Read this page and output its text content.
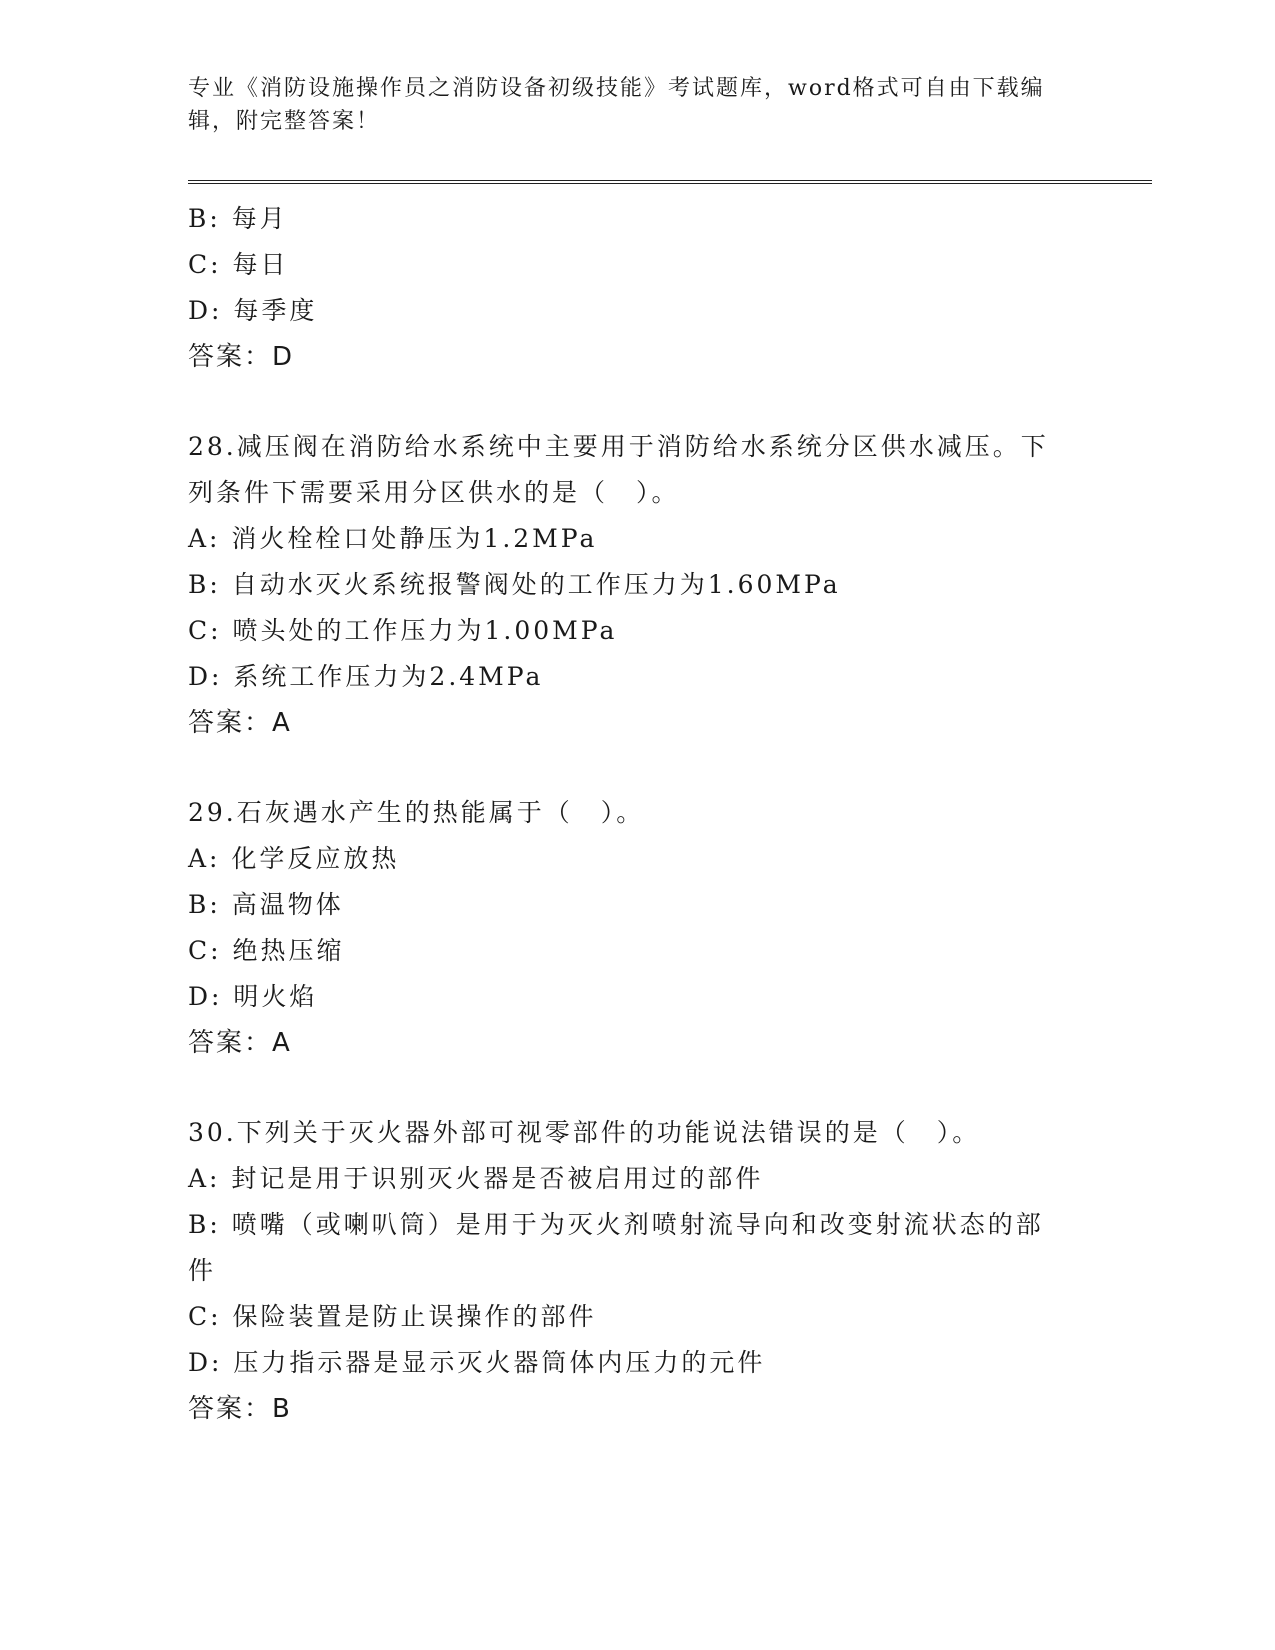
专业《消防设施操作员之消防设备初级技能》考试题库，word格式可自由下载编辑，附完整答案！

B: 每月
C: 每日
D: 每季度
答案：D
28.减压阀在消防给水系统中主要用于消防给水系统分区供水减压。下列条件下需要采用分区供水的是（　）。
A: 消火栓栓口处静压为1.2MPa
B: 自动水灭火系统报警阀处的工作压力为1.60MPa
C: 喷头处的工作压力为1.00MPa
D: 系统工作压力为2.4MPa
答案：A
29.石灰遇水产生的热能属于（　）。
A: 化学反应放热
B: 高温物体
C: 绝热压缩
D: 明火焰
答案：A
30.下列关于灭火器外部可视零部件的功能说法错误的是（　）。
A: 封记是用于识别灭火器是否被启用过的部件
B: 喷嘴（或喇叭筒）是用于为灭火剂喷射流导向和改变射流状态的部件
C: 保险装置是防止误操作的部件
D: 压力指示器是显示灭火器筒体内压力的元件
答案：B
